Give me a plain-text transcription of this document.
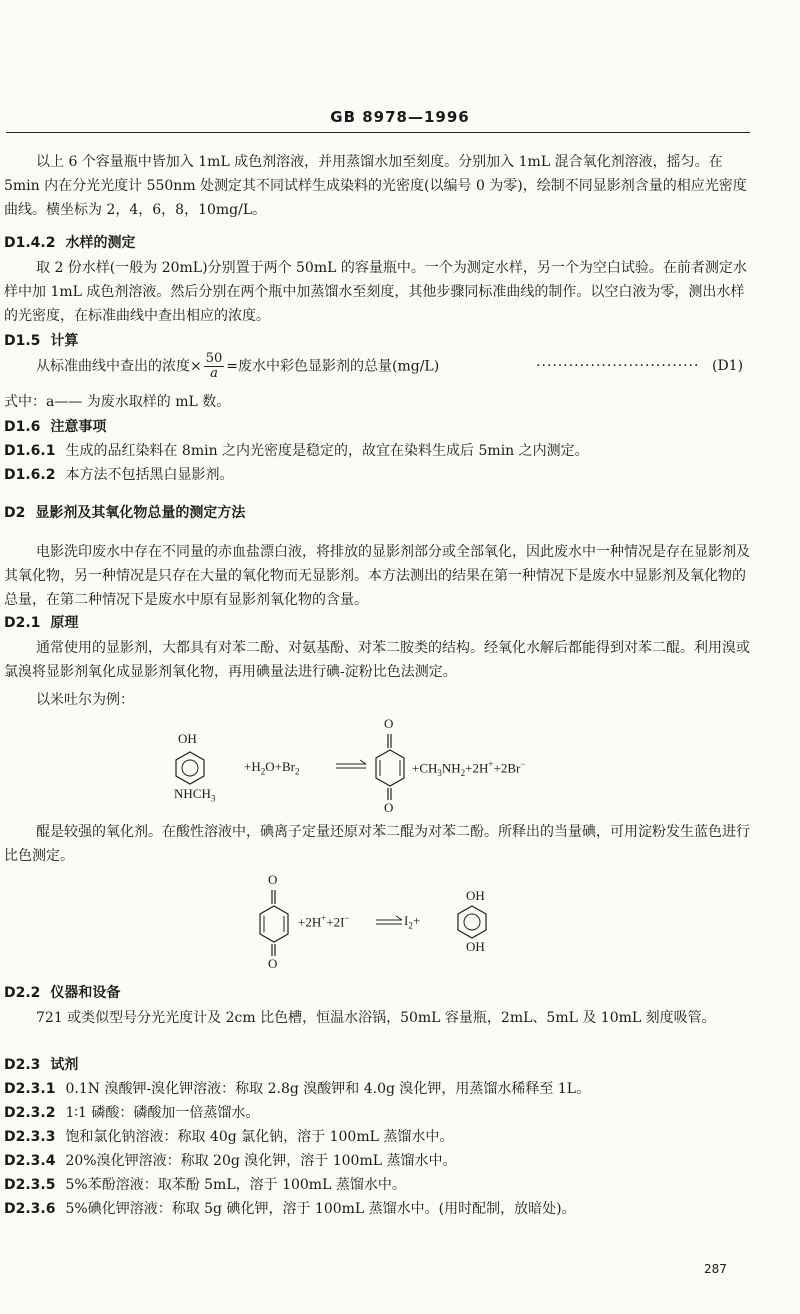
GB 8978—1996
以上 6 个容量瓶中皆加入 1mL 成色剂溶液，并用蒸馏水加至刻度。分别加入 1mL 混合氧化剂溶液，摇匀。在 5min 内在分光光度计 550nm 处测定其不同试样生成染料的光密度(以编号 0 为零)，绘制不同显影剂含量的相应光密度曲线。横坐标为 2，4，6，8，10mg/L。
D1.4.2 水样的测定
取 2 份水样(一般为 20mL)分别置于两个 50mL 的容量瓶中。一个为测定水样，另一个为空白试验。在前者测定水样中加 1mL 成色剂溶液。然后分别在两个瓶中加蒸馏水至刻度，其他步骤同标准曲线的制作。以空白液为零，测出水样的光密度，在标准曲线中查出相应的浓度。
D1.5 计算
从标准曲线中查出的浓度× $\frac{50}{a}$ =废水中彩色显影剂的总量(mg/L)	······························ (D1)
式中：a—— 为废水取样的 mL 数。
D1.6 注意事项
D1.6.1 生成的品红染料在 8min 之内光密度是稳定的，故宜在染料生成后 5min 之内测定。
D1.6.2 本方法不包括黑白显影剂。
D2 显影剂及其氧化物总量的测定方法
电影洗印废水中存在不同量的赤血盐漂白液，将排放的显影剂部分或全部氧化，因此废水中一种情况是存在显影剂及其氧化物，另一种情况是只存在大量的氧化物而无显影剂。本方法测出的结果在第一种情况下是废水中显影剂及氧化物的总量，在第二种情况下是废水中原有显影剂氧化物的含量。
D2.1 原理
通常使用的显影剂，大都具有对苯二酚、对氨基酚、对苯二胺类的结构。经氧化水解后都能得到对苯二醌。利用溴或氯溴将显影剂氧化成显影剂氧化物，再用碘量法进行碘-淀粉比色法测定。
以米吐尔为例：
OH
$NHCH_3$
$+H_2O+Br_2$
O
O
$+CH_3NH_2+2H^++2Br^-$
醌是较强的氧化剂。在酸性溶液中，碘离子定量还原对苯二醌为对苯二酚。所释出的当量碘，可用淀粉发生蓝色进行比色测定。
O
O
+2H++2I−	$I_2+$
OH
OH
D2.2 仪器和设备
721 或类似型号分光光度计及 2cm 比色槽，恒温水浴锅，50mL 容量瓶，2mL、5mL 及 10mL 刻度吸管。
D2.3 试剂
D2.3.1 0.1N 溴酸钾-溴化钾溶液：称取 2.8g 溴酸钾和 4.0g 溴化钾，用蒸馏水稀释至 1L。
D2.3.2 1∶1 磷酸：磷酸加一倍蒸馏水。
D2.3.3 饱和氯化钠溶液：称取 40g 氯化钠，溶于 100mL 蒸馏水中。
D2.3.4 20%溴化钾溶液：称取 20g 溴化钾，溶于 100mL 蒸馏水中。
D2.3.5 5%苯酚溶液：取苯酚 5mL，溶于 100mL 蒸馏水中。
D2.3.6 5%碘化钾溶液：称取 5g 碘化钾，溶于 100mL 蒸馏水中。(用时配制，放暗处)。
287
